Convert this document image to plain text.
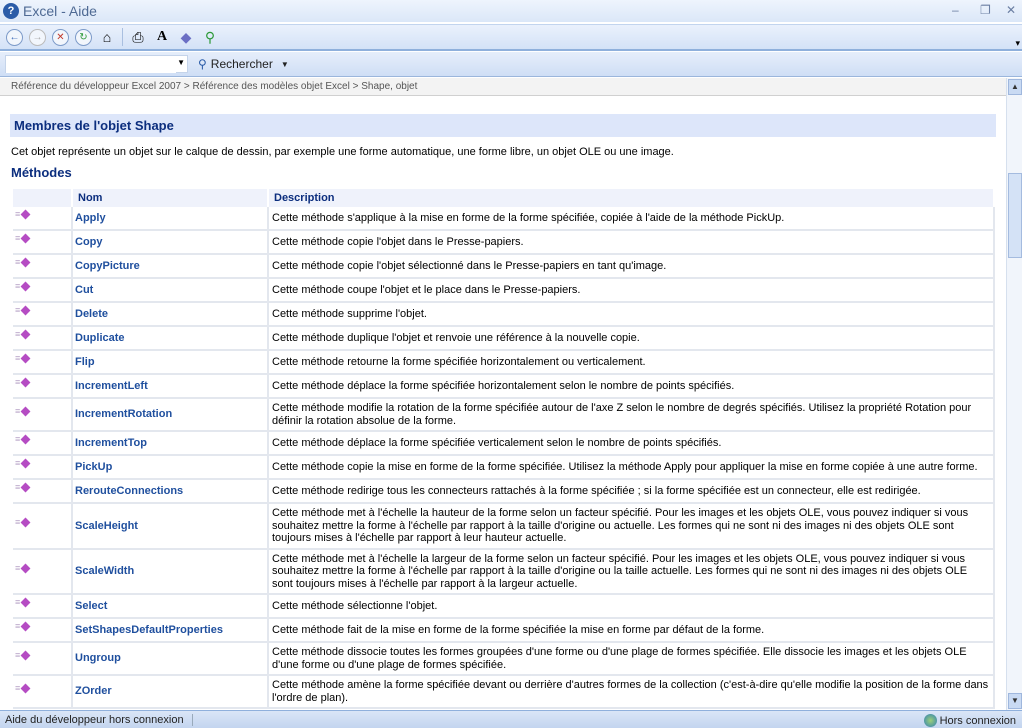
? Excel - Aide	– ❐ ✕
←	→	✕	↻	⌂	⎙ A ◆ ⚲	▾
▼ ⚲ Rechercher ▼
Référence du développeur Excel 2007 > Référence des modèles objet Excel > Shape, objet
Membres de l'objet Shape
Cet objet représente un objet sur le calque de dessin, par exemple une forme automatique, une forme libre, un objet OLE ou une image.
Méthodes
	Nom	Description
≡	Apply	Cette méthode s'applique à la mise en forme de la forme spécifiée, copiée à l'aide de la méthode PickUp.
≡	Copy	Cette méthode copie l'objet dans le Presse-papiers.
≡	CopyPicture	Cette méthode copie l'objet sélectionné dans le Presse-papiers en tant qu'image.
≡	Cut	Cette méthode coupe l'objet et le place dans le Presse-papiers.
≡	Delete	Cette méthode supprime l'objet.
≡	Duplicate	Cette méthode duplique l'objet et renvoie une référence à la nouvelle copie.
≡	Flip	Cette méthode retourne la forme spécifiée horizontalement ou verticalement.
≡	IncrementLeft	Cette méthode déplace la forme spécifiée horizontalement selon le nombre de points spécifiés.
≡	IncrementRotation	Cette méthode modifie la rotation de la forme spécifiée autour de l'axe Z selon le nombre de degrés spécifiés. Utilisez la propriété Rotation pour définir la rotation absolue de la forme.
≡	IncrementTop	Cette méthode déplace la forme spécifiée verticalement selon le nombre de points spécifiés.
≡	PickUp	Cette méthode copie la mise en forme de la forme spécifiée. Utilisez la méthode Apply pour appliquer la mise en forme copiée à une autre forme.
≡	RerouteConnections	Cette méthode redirige tous les connecteurs rattachés à la forme spécifiée ; si la forme spécifiée est un connecteur, elle est redirigée.
≡	ScaleHeight	Cette méthode met à l'échelle la hauteur de la forme selon un facteur spécifié. Pour les images et les objets OLE, vous pouvez indiquer si vous souhaitez mettre la forme à l'échelle par rapport à la taille d'origine ou actuelle. Les formes qui ne sont ni des images ni des objets OLE sont toujours mises à l'échelle par rapport à leur hauteur actuelle.
≡	ScaleWidth	Cette méthode met à l'échelle la largeur de la forme selon un facteur spécifié. Pour les images et les objets OLE, vous pouvez indiquer si vous souhaitez mettre la forme à l'échelle par rapport à la taille d'origine ou la taille actuelle. Les formes qui ne sont ni des images ni des objets OLE sont toujours mises à l'échelle par rapport à la largeur actuelle.
≡	Select	Cette méthode sélectionne l'objet.
≡	SetShapesDefaultProperties	Cette méthode fait de la mise en forme de la forme spécifiée la mise en forme par défaut de la forme.
≡	Ungroup	Cette méthode dissocie toutes les formes groupées d'une forme ou d'une plage de formes spécifiée. Elle dissocie les images et les objets OLE d'une forme ou d'une plage de formes spécifiée.
≡	ZOrder	Cette méthode amène la forme spécifiée devant ou derrière d'autres formes de la collection (c'est-à-dire qu'elle modifie la position de la forme dans l'ordre de plan).
▲
▼
Aide du développeur hors connexion	Hors connexion
